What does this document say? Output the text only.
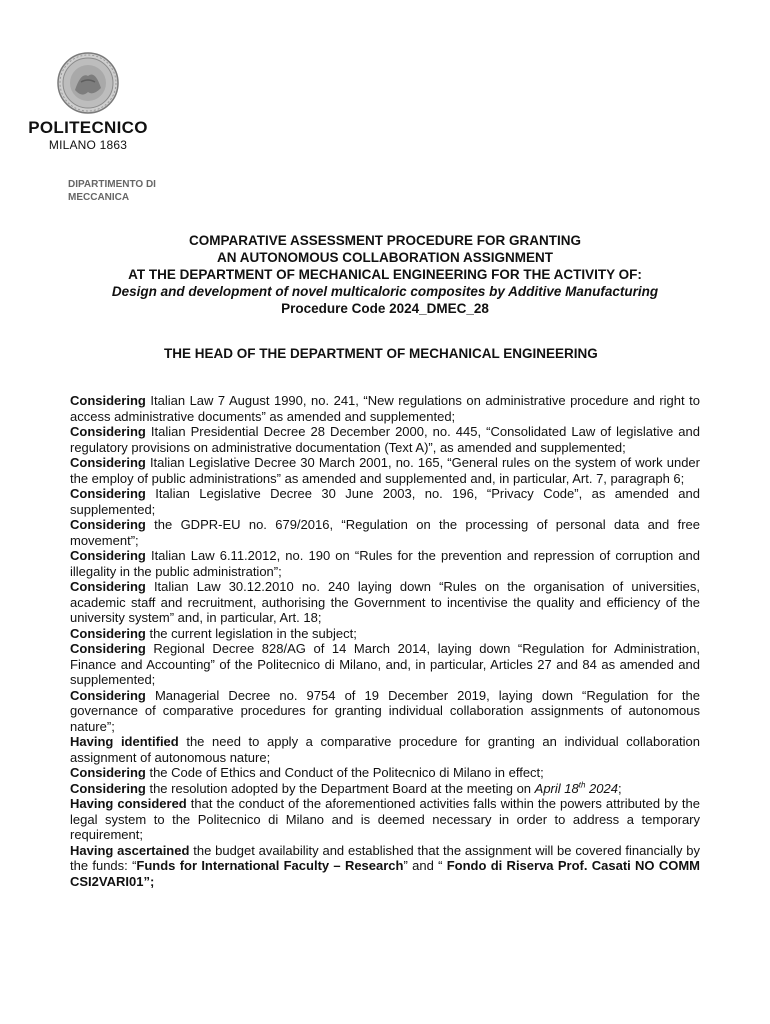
POLITECNICO
MILANO 1863
DIPARTIMENTO DI
MECCANICA
COMPARATIVE ASSESSMENT PROCEDURE FOR GRANTING
AN AUTONOMOUS COLLABORATION ASSIGNMENT
AT THE DEPARTMENT OF MECHANICAL ENGINEERING FOR THE ACTIVITY OF:
Design and development of novel multicaloric composites by Additive Manufacturing
Procedure Code 2024_DMEC_28
THE HEAD OF THE DEPARTMENT OF MECHANICAL ENGINEERING

Considering Italian Law 7 August 1990, no. 241, “New regulations on administrative procedure and right to access administrative documents” as amended and supplemented;

Considering Italian Presidential Decree 28 December 2000, no. 445, “Consolidated Law of legislative and regulatory provisions on administrative documentation (Text A)”, as amended and supplemented;

Considering Italian Legislative Decree 30 March 2001, no. 165, “General rules on the system of work under the employ of public administrations” as amended and supplemented and, in particular, Art. 7, paragraph 6;

Considering Italian Legislative Decree 30 June 2003, no. 196, “Privacy Code”, as amended and supplemented;

Considering the GDPR-EU no. 679/2016, “Regulation on the processing of personal data and free movement”;

Considering Italian Law 6.11.2012, no. 190 on “Rules for the prevention and repression of corruption and illegality in the public administration”;

Considering Italian Law 30.12.2010 no. 240 laying down “Rules on the organisation of universities, academic staff and recruitment, authorising the Government to incentivise the quality and efficiency of the university system” and, in particular, Art. 18;

Considering the current legislation in the subject;

Considering Regional Decree 828/AG of 14 March 2014, laying down “Regulation for Administration, Finance and Accounting” of the Politecnico di Milano, and, in particular, Articles 27 and 84 as amended and supplemented;

Considering Managerial Decree no. 9754 of 19 December 2019, laying down “Regulation for the governance of comparative procedures for granting individual collaboration assignments of autonomous nature”;

Having identified the need to apply a comparative procedure for granting an individual collaboration assignment of autonomous nature;

Considering the Code of Ethics and Conduct of the Politecnico di Milano in effect;

Considering the resolution adopted by the Department Board at the meeting on April 18th 2024;

Having considered that the conduct of the aforementioned activities falls within the powers attributed by the legal system to the Politecnico di Milano and is deemed necessary in order to address a temporary requirement;

Having ascertained the budget availability and established that the assignment will be covered financially by the funds: “Funds for International Faculty – Research” and “ Fondo di Riserva Prof. Casati NO COMM CSI2VARI01”;
